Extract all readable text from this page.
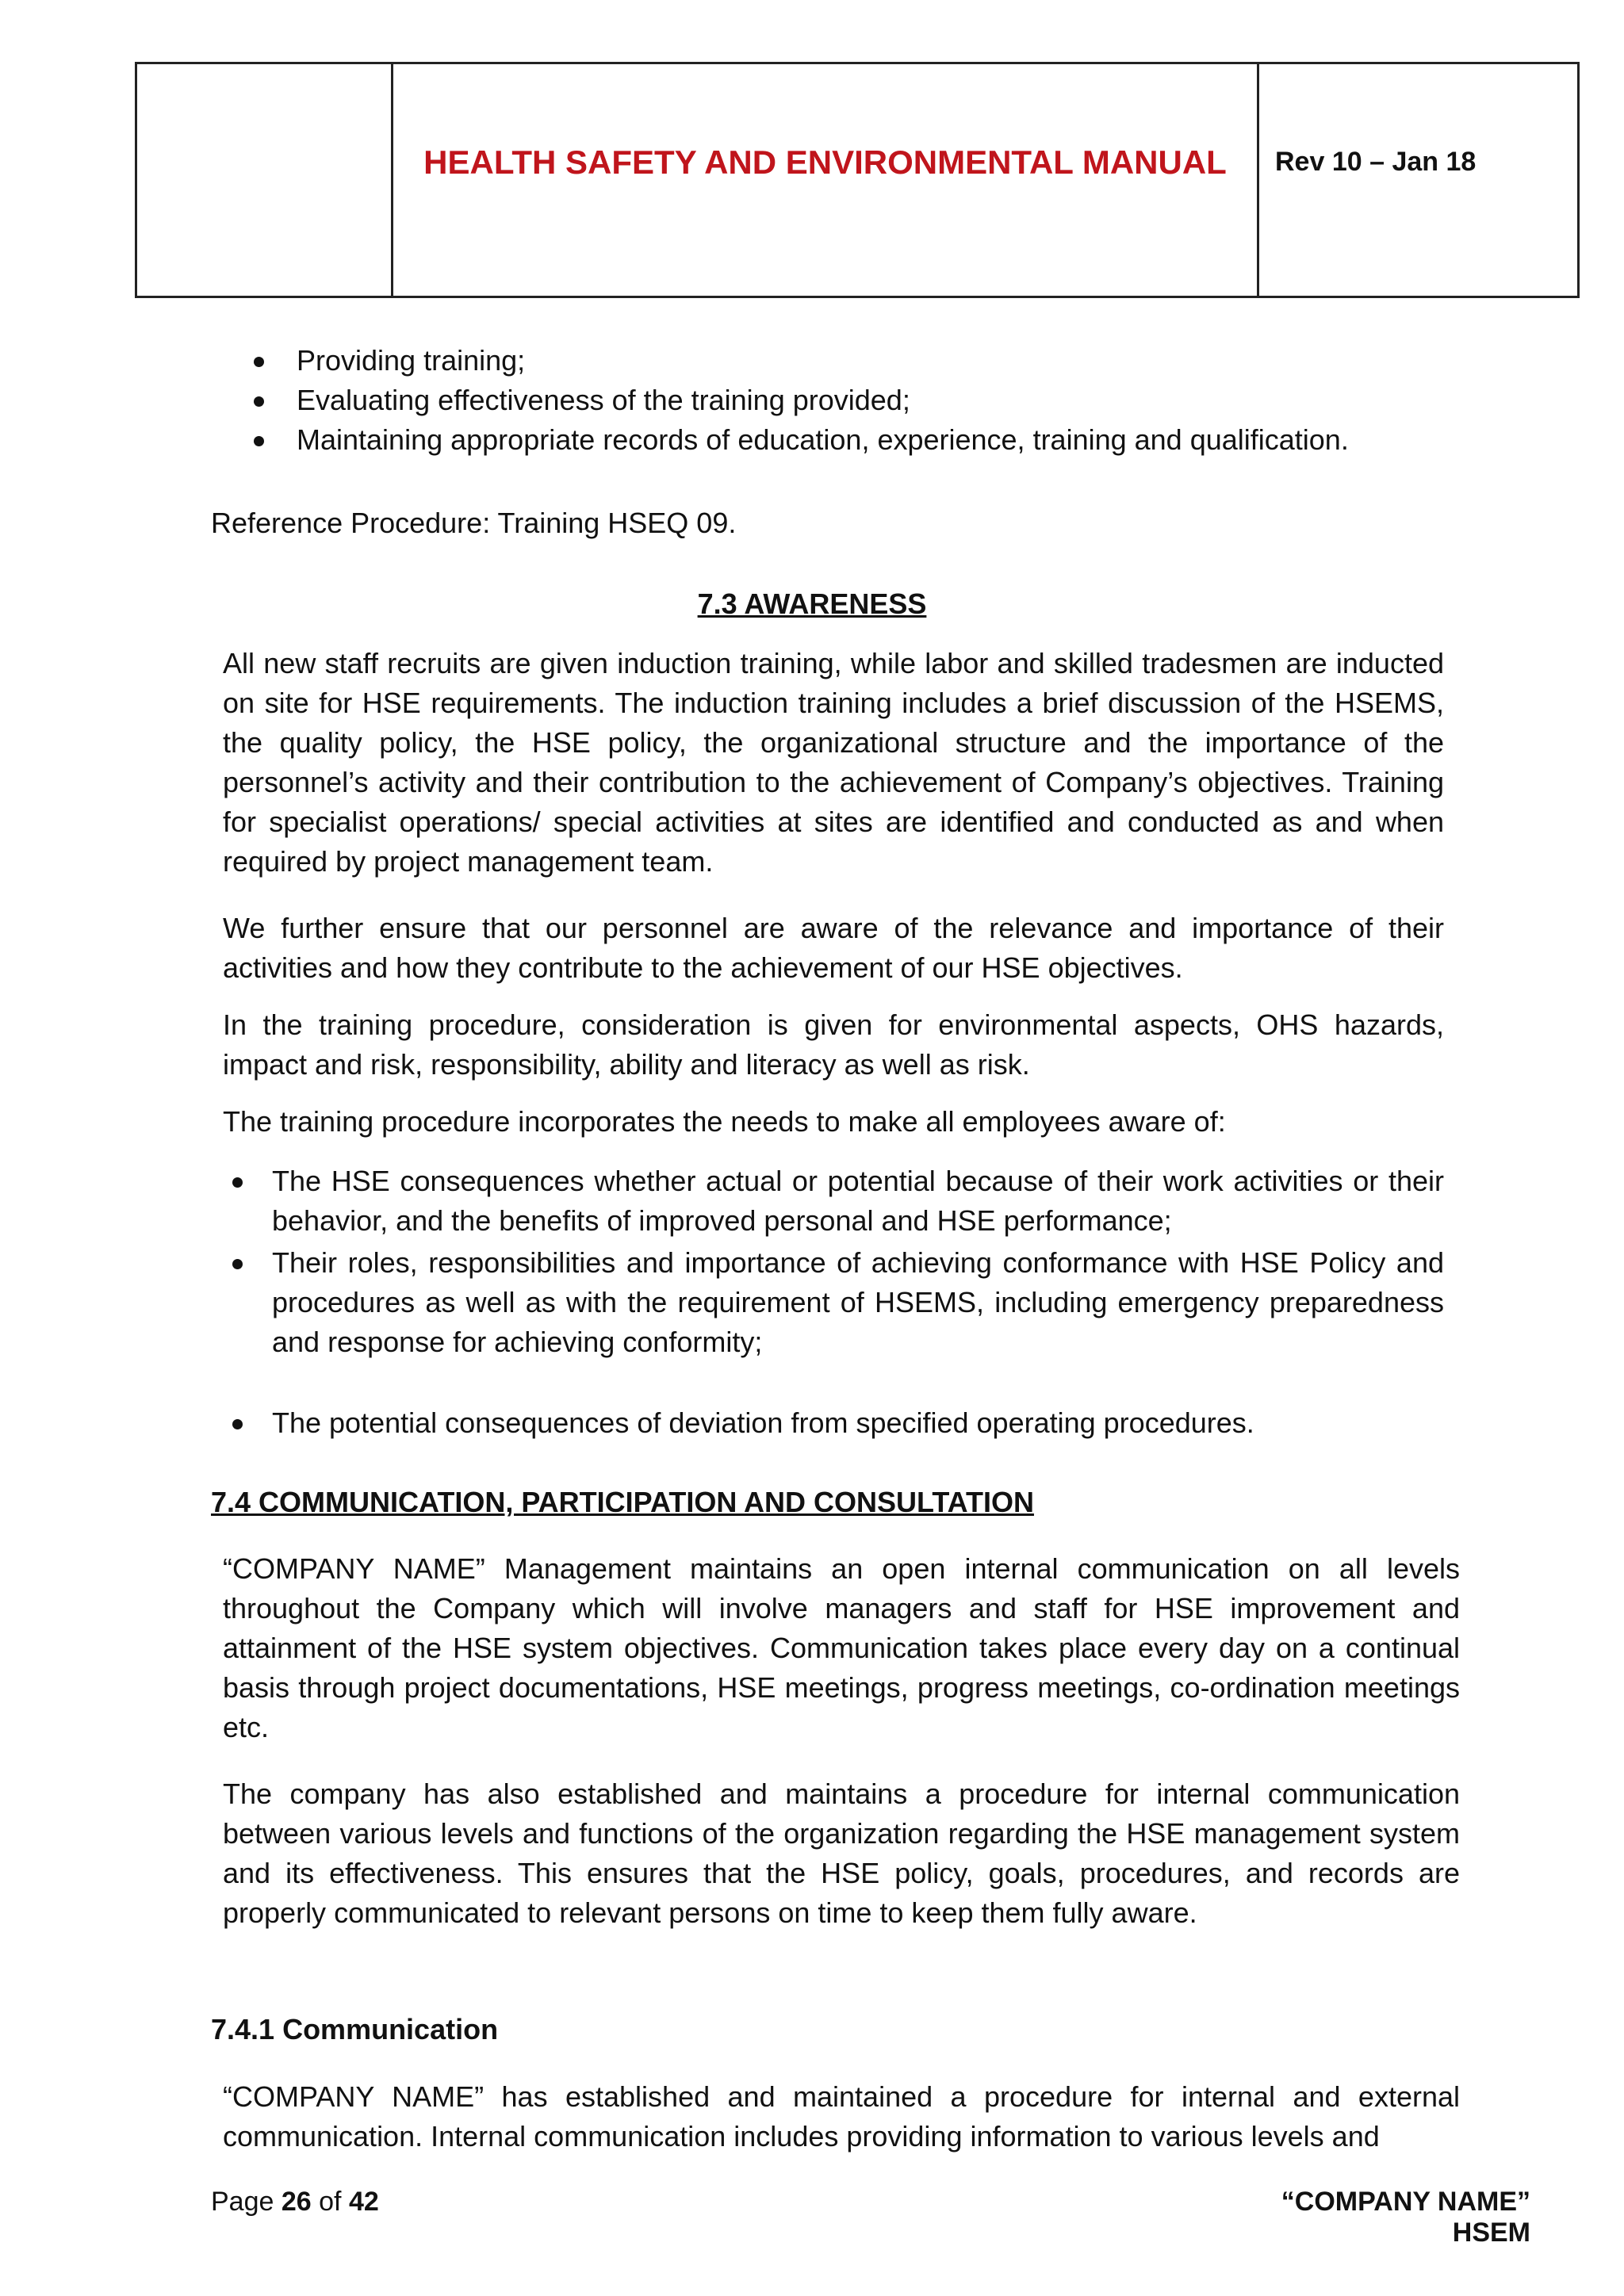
HEALTH SAFETY AND ENVIRONMENTAL MANUAL	Rev 10 – Jan 18
Providing training;
Evaluating effectiveness of the training provided;
Maintaining appropriate records of education, experience, training and qualification.

Reference Procedure: Training HSEQ 09.

7.3 AWARENESS

All new staff recruits are given induction training, while labor and skilled tradesmen are inducted on site for HSE requirements. The induction training includes a brief discussion of the HSEMS, the quality policy, the HSE policy, the organizational structure and the importance of the personnel’s activity and their contribution to the achievement of Company’s objectives. Training for specialist operations/ special activities at sites are identified and conducted as and when required by project management team.

We further ensure that our personnel are aware of the relevance and importance of their activities and how they contribute to the achievement of our HSE objectives.

In the training procedure, consideration is given for environmental aspects, OHS hazards, impact and risk, responsibility, ability and literacy as well as risk.

The training procedure incorporates the needs to make all employees aware of:

The HSE consequences whether actual or potential because of their work activities or their behavior, and the benefits of improved personal and HSE performance;
Their roles, responsibilities and importance of achieving conformance with HSE Policy and procedures as well as with the requirement of HSEMS, including emergency preparedness and response for achieving conformity;
The potential consequences of deviation from specified operating procedures.

7.4 COMMUNICATION, PARTICIPATION AND CONSULTATION

“COMPANY NAME” Management maintains an open internal communication on all levels throughout the Company which will involve managers and staff for HSE improvement and attainment of the HSE system objectives. Communication takes place every day on a continual basis through project documentations, HSE meetings, progress meetings, co-ordination meetings etc.

The company has also established and maintains a procedure for internal communication between various levels and functions of the organization regarding the HSE management system and its effectiveness. This ensures that the HSE policy, goals, procedures, and records are properly communicated to relevant persons on time to keep them fully aware.

7.4.1 Communication

“COMPANY NAME” has established and maintained a procedure for internal and external communication. Internal communication includes providing information to various levels and

Page 26 of 42	“COMPANY NAME” HSEM
